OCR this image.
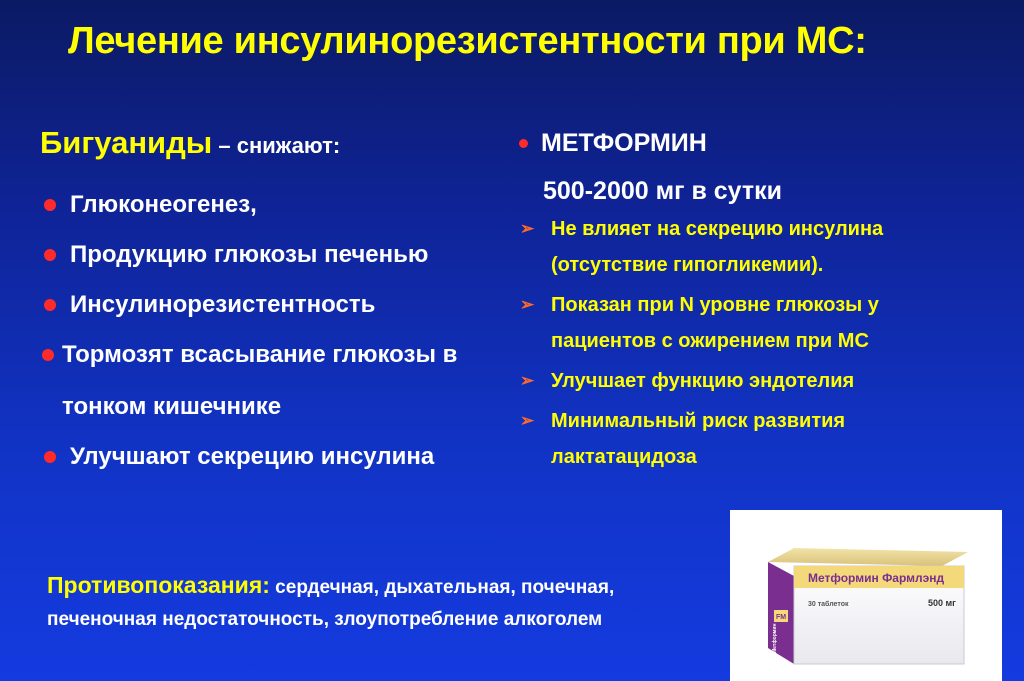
Лечение инсулинорезистентности при МС:
Бигуаниды – снижают:
Глюконеогенез,
Продукцию глюкозы печенью
Инсулинорезистентность
Тормозят всасывание глюкозы в
тонком кишечнике
Улучшают секрецию инсулина
МЕТФОРМИН
500-2000 мг в сутки
➢ Не влияет на секрецию инсулина
(отсутствие гипогликемии).
➢ Показан при N уровне глюкозы у
пациентов с ожирением при МС
➢ Улучшает функцию эндотелия
➢ Минимальный риск развития
лактатацидоза
Противопоказания: сердечная, дыхательная, почечная,
печеночная недостаточность, злоупотребление алкоголем
Метформин Фармлэнд
30 таблеток	500 мг
FM
Метформин
